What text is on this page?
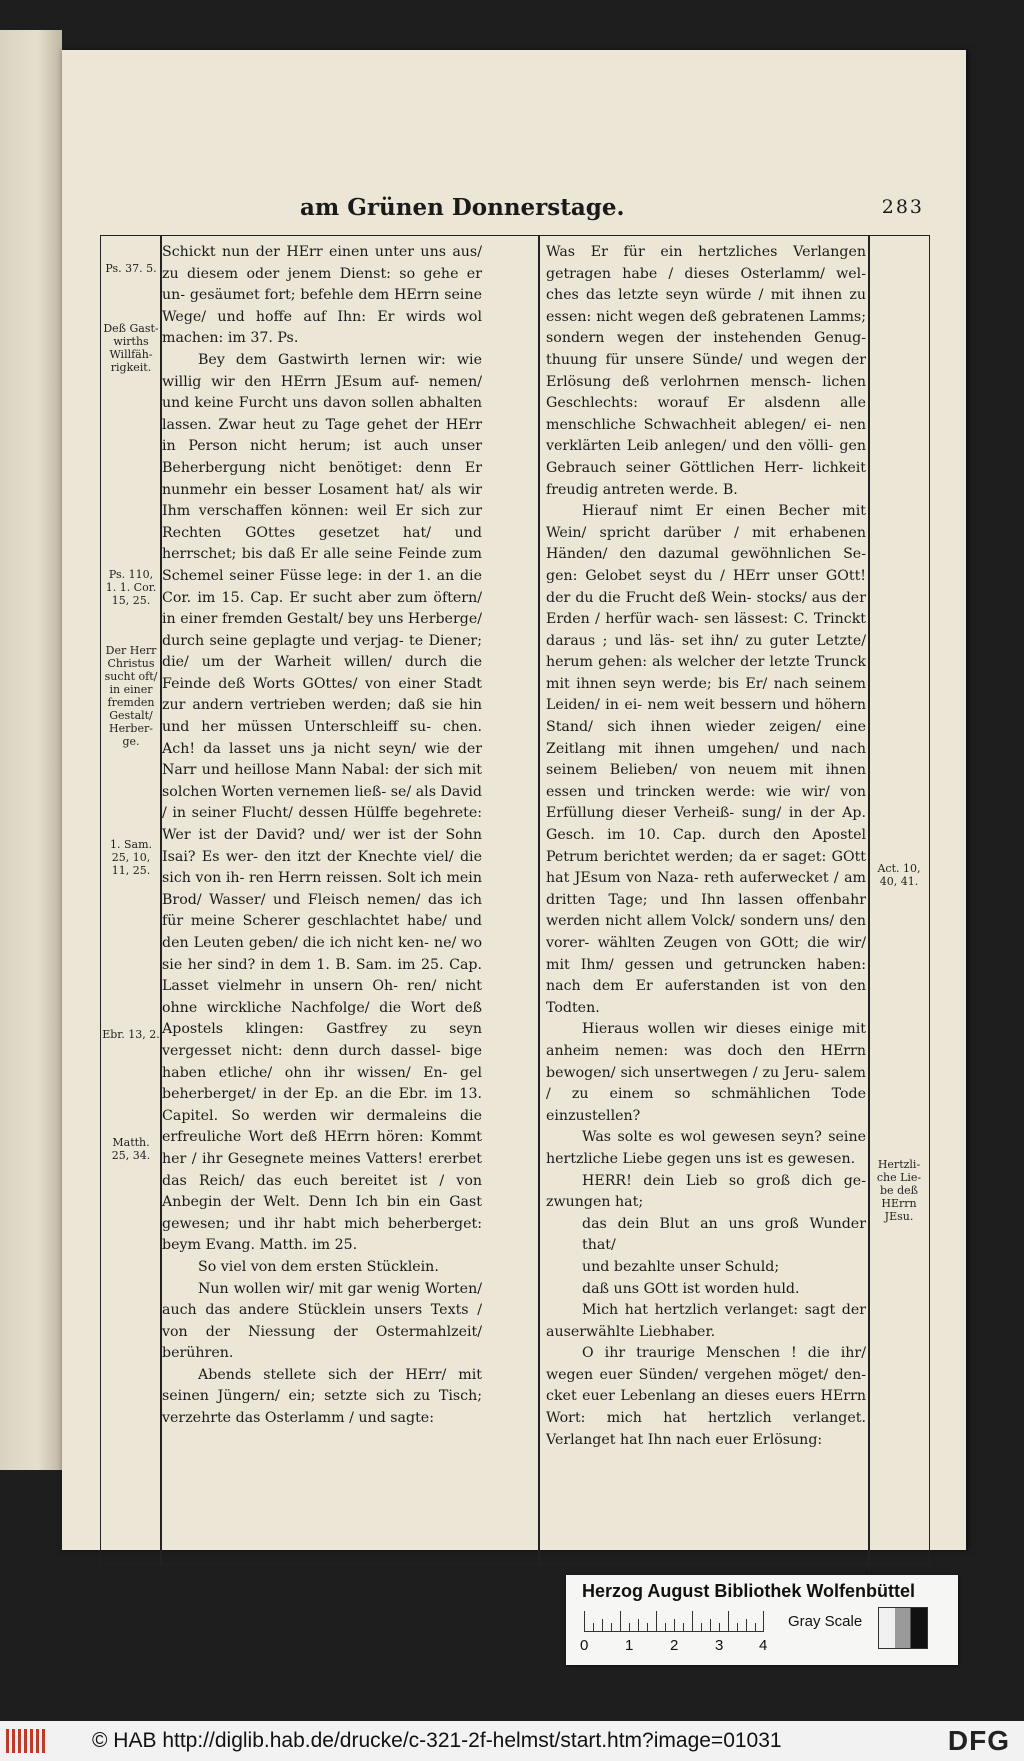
am Grünen Donnerstage.	283
Ps. 37. 5.
Deß Gast- wirths Willfäh- rigkeit.
Ps. 110, 1. 1. Cor. 15, 25.
Der Herr Christus sucht oft/ in einer fremden Gestalt/ Herber- ge.
1. Sam. 25, 10, 11, 25.
Ebr. 13, 2.
Matth. 25, 34.
Act. 10, 40, 41.
Hertzli- che Lie- be deß HErrn JEsu.

Schickt nun der HErr einen unter uns aus/ zu diesem oder jenem Dienst: so gehe er un- gesäumet fort; befehle dem HErrn seine Wege/ und hoffe auf Ihn: Er wirds wol machen: im 37. Ps.

Bey dem Gastwirth lernen wir: wie willig wir den HErrn JEsum auf- nemen/ und keine Furcht uns davon sollen abhalten lassen. Zwar heut zu Tage gehet der HErr in Person nicht herum; ist auch unser Beherbergung nicht benötiget: denn Er nunmehr ein besser Losament hat/ als wir Ihm verschaffen können: weil Er sich zur Rechten GOttes gesetzet hat/ und herrschet; bis daß Er alle seine Feinde zum Schemel seiner Füsse lege: in der 1. an die Cor. im 15. Cap. Er sucht aber zum öftern/ in einer fremden Gestalt/ bey uns Herberge/ durch seine geplagte und verjag- te Diener; die/ um der Warheit willen/ durch die Feinde deß Worts GOttes/ von einer Stadt zur andern vertrieben werden; daß sie hin und her müssen Unterschleiff su- chen. Ach! da lasset uns ja nicht seyn/ wie der Narr und heillose Mann Nabal: der sich mit solchen Worten vernemen ließ- se/ als David / in seiner Flucht/ dessen Hülffe begehrete: Wer ist der David? und/ wer ist der Sohn Isai? Es wer- den itzt der Knechte viel/ die sich von ih- ren Herrn reissen. Solt ich mein Brod/ Wasser/ und Fleisch nemen/ das ich für meine Scherer geschlachtet habe/ und den Leuten geben/ die ich nicht ken- ne/ wo sie her sind? in dem 1. B. Sam. im 25. Cap. Lasset vielmehr in unsern Oh- ren/ nicht ohne wirckliche Nachfolge/ die Wort deß Apostels klingen: Gastfrey zu seyn vergesset nicht: denn durch dassel- bige haben etliche/ ohn ihr wissen/ En- gel beherberget/ in der Ep. an die Ebr. im 13. Capitel. So werden wir dermaleins die erfreuliche Wort deß HErrn hören: Kommt her / ihr Gesegnete meines Vatters! ererbet das Reich/ das euch bereitet ist / von Anbegin der Welt. Denn Ich bin ein Gast gewesen; und ihr habt mich beherberget: beym Evang. Matth. im 25.

So viel von dem ersten Stücklein.

Nun wollen wir/ mit gar wenig Worten/ auch das andere Stücklein unsers Texts / von der Niessung der Ostermahlzeit/ berühren.

Abends stellete sich der HErr/ mit seinen Jüngern/ ein; setzte sich zu Tisch; verzehrte das Osterlamm / und sagte:

Was Er für ein hertzliches Verlangen getragen habe / dieses Osterlamm/ wel- ches das letzte seyn würde / mit ihnen zu essen: nicht wegen deß gebratenen Lamms; sondern wegen der instehenden Genug- thuung für unsere Sünde/ und wegen der Erlösung deß verlohrnen mensch- lichen Geschlechts: worauf Er alsdenn alle menschliche Schwachheit ablegen/ ei- nen verklärten Leib anlegen/ und den völli- gen Gebrauch seiner Göttlichen Herr- lichkeit freudig antreten werde. B.

Hierauf nimt Er einen Becher mit Wein/ spricht darüber / mit erhabenen Händen/ den dazumal gewöhnlichen Se- gen: Gelobet seyst du / HErr unser GOtt! der du die Frucht deß Wein- stocks/ aus der Erden / herfür wach- sen lässest: C. Trinckt daraus ; und läs- set ihn/ zu guter Letzte/ herum gehen: als welcher der letzte Trunck mit ihnen seyn werde; bis Er/ nach seinem Leiden/ in ei- nem weit bessern und höhern Stand/ sich ihnen wieder zeigen/ eine Zeitlang mit ihnen umgehen/ und nach seinem Belieben/ von neuem mit ihnen essen und trincken werde: wie wir/ von Erfüllung dieser Verheiß- sung/ in der Ap. Gesch. im 10. Cap. durch den Apostel Petrum berichtet werden; da er saget: GOtt hat JEsum von Naza- reth auferwecket / am dritten Tage; und Ihn lassen offenbahr werden nicht allem Volck/ sondern uns/ den vorer- wählten Zeugen von GOtt; die wir/ mit Ihm/ gessen und getruncken haben: nach dem Er auferstanden ist von den Todten.

Hieraus wollen wir dieses einige mit anheim nemen: was doch den HErrn bewogen/ sich unsertwegen / zu Jeru- salem / zu einem so schmählichen Tode einzustellen?

Was solte es wol gewesen seyn? seine hertzliche Liebe gegen uns ist es gewesen.

HERR! dein Lieb so groß dich ge- zwungen hat;

das dein Blut an uns groß Wunder that/

und bezahlte unser Schuld;

daß uns GOtt ist worden huld.

Mich hat hertzlich verlanget: sagt der auserwählte Liebhaber.

O ihr traurige Menschen ! die ihr/ wegen euer Sünden/ vergehen möget/ den- cket euer Lebenlang an dieses euers HErrn Wort: mich hat hertzlich verlanget. Verlanget hat Ihn nach euer Erlösung:

Herzog August Bibliothek Wolfenbüttel
0 1 2 3 4
Gray Scale
© HAB http://diglib.hab.de/drucke/c-321-2f-helmst/start.htm?image=01031	DFG
